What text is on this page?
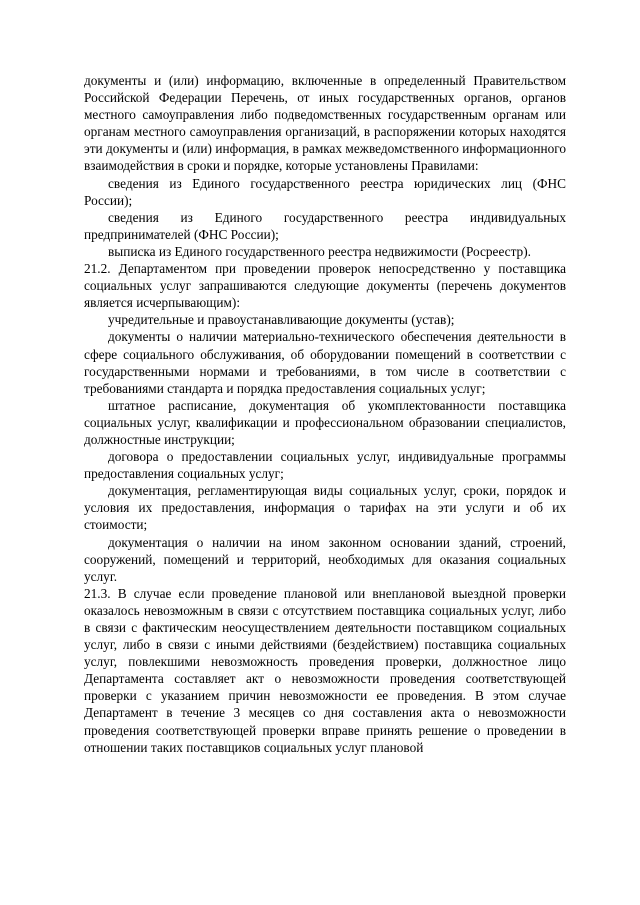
документы и (или) информацию, включенные в определенный Правительством Российской Федерации Перечень, от иных государственных органов, органов местного самоуправления либо подведомственных государственным органам или органам местного самоуправления организаций, в распоряжении которых находятся эти документы и (или) информация, в рамках межведомственного информационного взаимодействия в сроки и порядке, которые установлены Правилами:

сведения из Единого государственного реестра юридических лиц (ФНС России);

сведения из Единого государственного реестра индивидуальных предпринимателей (ФНС России);

выписка из Единого государственного реестра недвижимости (Росреестр).

21.2. Департаментом при проведении проверок непосредственно у поставщика социальных услуг запрашиваются следующие документы (перечень документов является исчерпывающим):

учредительные и правоустанавливающие документы (устав);

документы о наличии материально-технического обеспечения деятельности в сфере социального обслуживания, об оборудовании помещений в соответствии с государственными нормами и требованиями, в том числе в соответствии с требованиями стандарта и порядка предоставления социальных услуг;

штатное расписание, документация об укомплектованности поставщика социальных услуг, квалификации и профессиональном образовании специалистов, должностные инструкции;

договора о предоставлении социальных услуг, индивидуальные программы предоставления социальных услуг;

документация, регламентирующая виды социальных услуг, сроки, порядок и условия их предоставления, информация о тарифах на эти услуги и об их стоимости;

документация о наличии на ином законном основании зданий, строений, сооружений, помещений и территорий, необходимых для оказания социальных услуг.

21.3. В случае если проведение плановой или внеплановой выездной проверки оказалось невозможным в связи с отсутствием поставщика социальных услуг, либо в связи с фактическим неосуществлением деятельности поставщиком социальных услуг, либо в связи с иными действиями (бездействием) поставщика социальных услуг, повлекшими невозможность проведения проверки, должностное лицо Департамента составляет акт о невозможности проведения соответствующей проверки с указанием причин невозможности ее проведения. В этом случае Департамент в течение 3 месяцев со дня составления акта о невозможности проведения соответствующей проверки вправе принять решение о проведении в отношении таких поставщиков социальных услуг плановой
